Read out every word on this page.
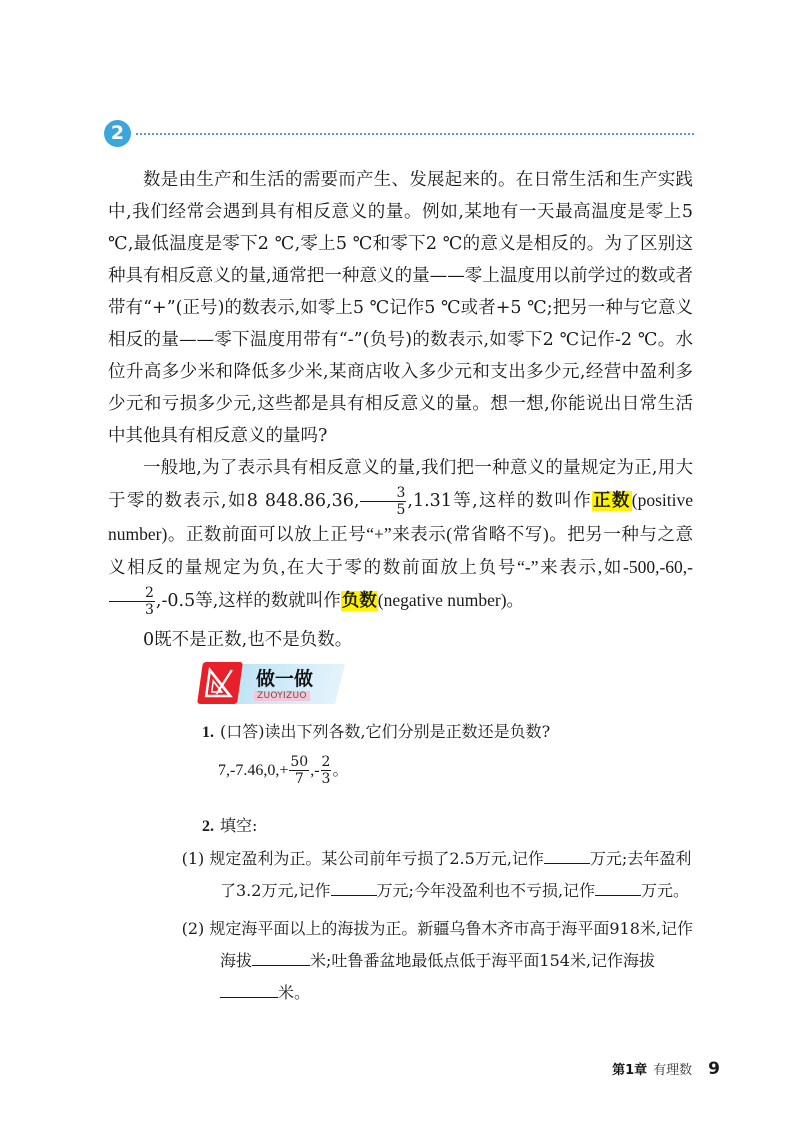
2

数是由生产和生活的需要而产生、发展起来的。在日常生活和生产实践中,我们经常会遇到具有相反意义的量。例如,某地有一天最高温度是零上5 ℃,最低温度是零下2 ℃,零上5 ℃和零下2 ℃的意义是相反的。为了区别这种具有相反意义的量,通常把一种意义的量——零上温度用以前学过的数或者带有“+”(正号)的数表示,如零上5 ℃记作5 ℃或者+5 ℃;把另一种与它意义相反的量——零下温度用带有“-”(负号)的数表示,如零下2 ℃记作-2 ℃。水位升高多少米和降低多少米,某商店收入多少元和支出多少元,经营中盈利多少元和亏损多少元,这些都是具有相反意义的量。想一想,你能说出日常生活中其他具有相反意义的量吗?

一般地,为了表示具有相反意义的量,我们把一种意义的量规定为正,用大于零的数表示,如8 848.86,36, $\frac{3}{5} ,1.31$等,这样的数叫作正数(positive number)。正数前面可以放上正号“+”来表示(常省略不写)。把另一种与之意义相反的量规定为负,在大于零的数前面放上负号“-”来表示,如-500,-60,-
$\frac{2}{3} ,-0.5$等,这样的数就叫作负数(negative number)。

0既不是正数,也不是负数。

做一做
ZUOYIZUO

1. (口答)读出下列各数,它们分别是正数还是负数?

$7,-7.46,0,+ \frac{50}{7}$ ,- $\frac{2}{3}$ 。

2. 填空:

(1) 规定盈利为正。某公司前年亏损了2.5万元,记作	万元;去年盈利了3.2万元,记作	万元;今年没盈利也不亏损,记作	万元。

(2) 规定海平面以上的海拔为正。新疆乌鲁木齐市高于海平面918米,记作海拔	米;吐鲁番盆地最低点低于海平面154米,记作海拔米。

第1章 有理数 9
